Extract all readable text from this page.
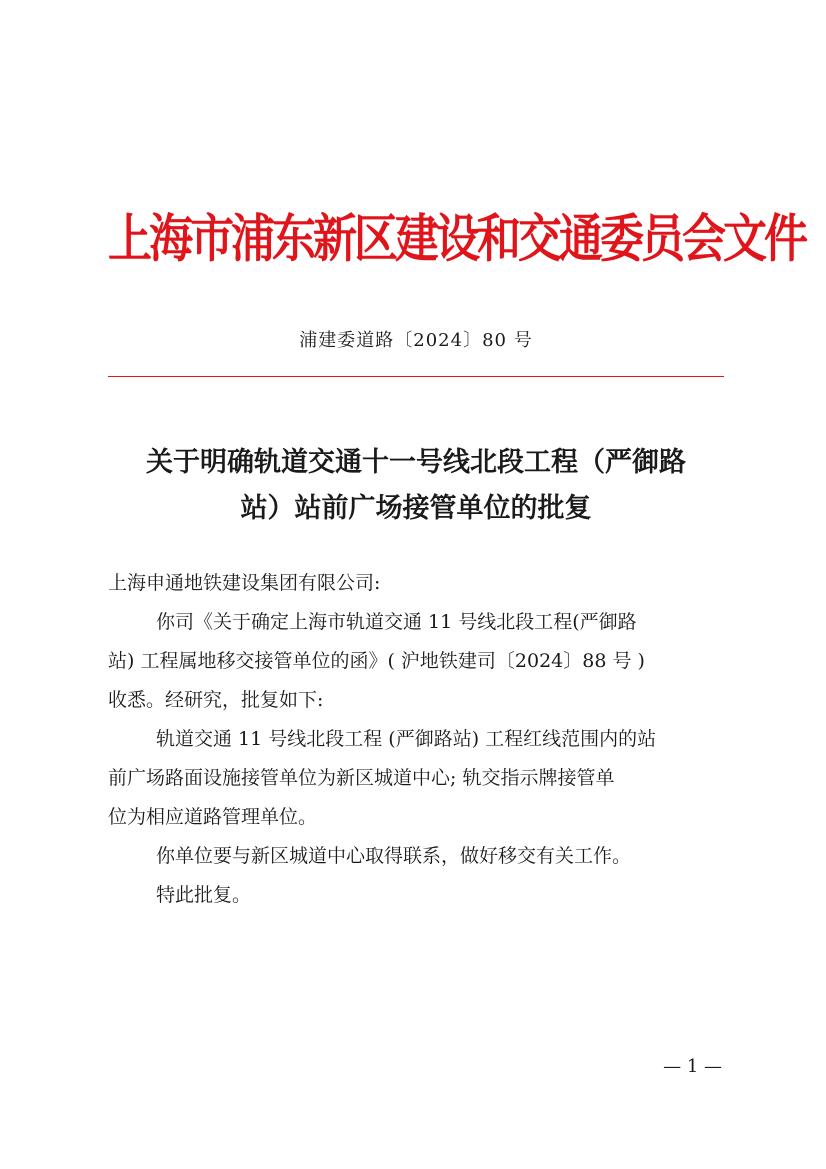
上海市浦东新区建设和交通委员会文件
浦建委道路〔2024〕80 号
关于明确轨道交通十一号线北段工程（严御路
站）站前广场接管单位的批复
上海申通地铁建设集团有限公司:
你司《关于确定上海市轨道交通 11 号线北段工程(严御路
站) 工程属地移交接管单位的函》( 沪地铁建司〔2024〕88 号 )
收悉。经研究，批复如下:
轨道交通 11 号线北段工程 (严御路站) 工程红线范围内的站
前广场路面设施接管单位为新区城道中心; 轨交指示牌接管单
位为相应道路管理单位。
你单位要与新区城道中心取得联系，做好移交有关工作。
特此批复。
— 1 —
